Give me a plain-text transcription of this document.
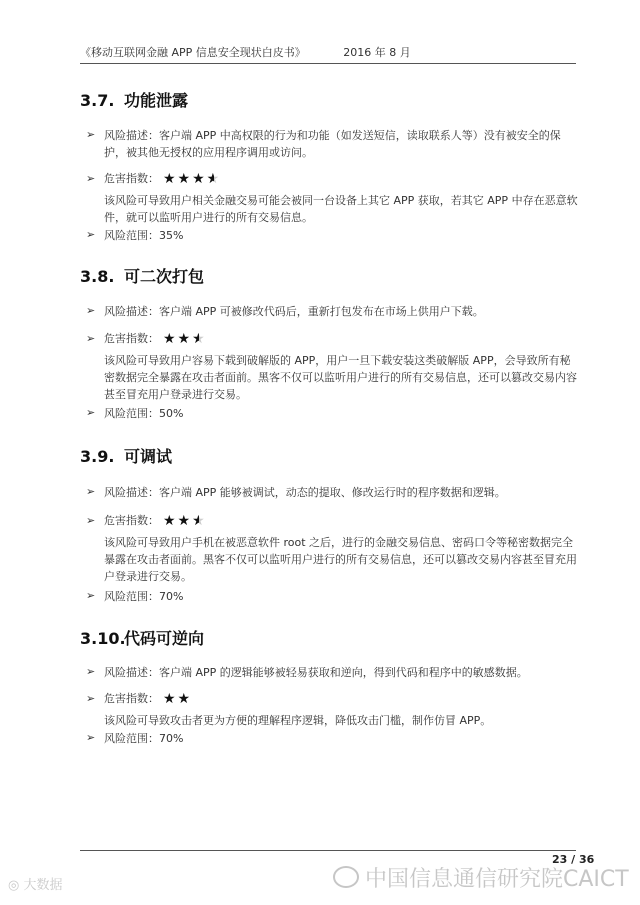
《移动互联网金融 APP 信息安全现状白皮书》	2016 年 8 月
3.7. 功能泄露
➢ 风险描述：客户端 APP 中高权限的行为和功能（如发送短信，读取联系人等）没有被安全的保护，被其他无授权的应用程序调用或访问。
➢ 危害指数： ★★★★ ★
该风险可导致用户相关金融交易可能会被同一台设备上其它 APP 获取，若其它 APP 中存在恶意软件，就可以监听用户进行的所有交易信息。
➢ 风险范围：35%
3.8. 可二次打包
➢ 风险描述：客户端 APP 可被修改代码后，重新打包发布在市场上供用户下载。
➢ 危害指数： ★★★ ★
该风险可导致用户容易下载到破解版的 APP，用户一旦下载安装这类破解版 APP，会导致所有秘密数据完全暴露在攻击者面前。黑客不仅可以监听用户进行的所有交易信息，还可以篡改交易内容甚至冒充用户登录进行交易。
➢ 风险范围：50%
3.9. 可调试
➢ 风险描述：客户端 APP 能够被调试，动态的提取、修改运行时的程序数据和逻辑。
➢ 危害指数： ★★★ ★
该风险可导致用户手机在被恶意软件 root 之后，进行的金融交易信息、密码口令等秘密数据完全暴露在攻击者面前。黑客不仅可以监听用户进行的所有交易信息，还可以篡改交易内容甚至冒充用户登录进行交易。
➢ 风险范围：70%
3.10.代码可逆向
➢ 风险描述：客户端 APP 的逻辑能够被轻易获取和逆向，得到代码和程序中的敏感数据。
➢ 危害指数： ★★
该风险可导致攻击者更为方便的理解程序逻辑，降低攻击门槛，制作仿冒 APP。
➢ 风险范围：70%
23 / 36
中国信息通信研究院CAICT
◎ 大数据
